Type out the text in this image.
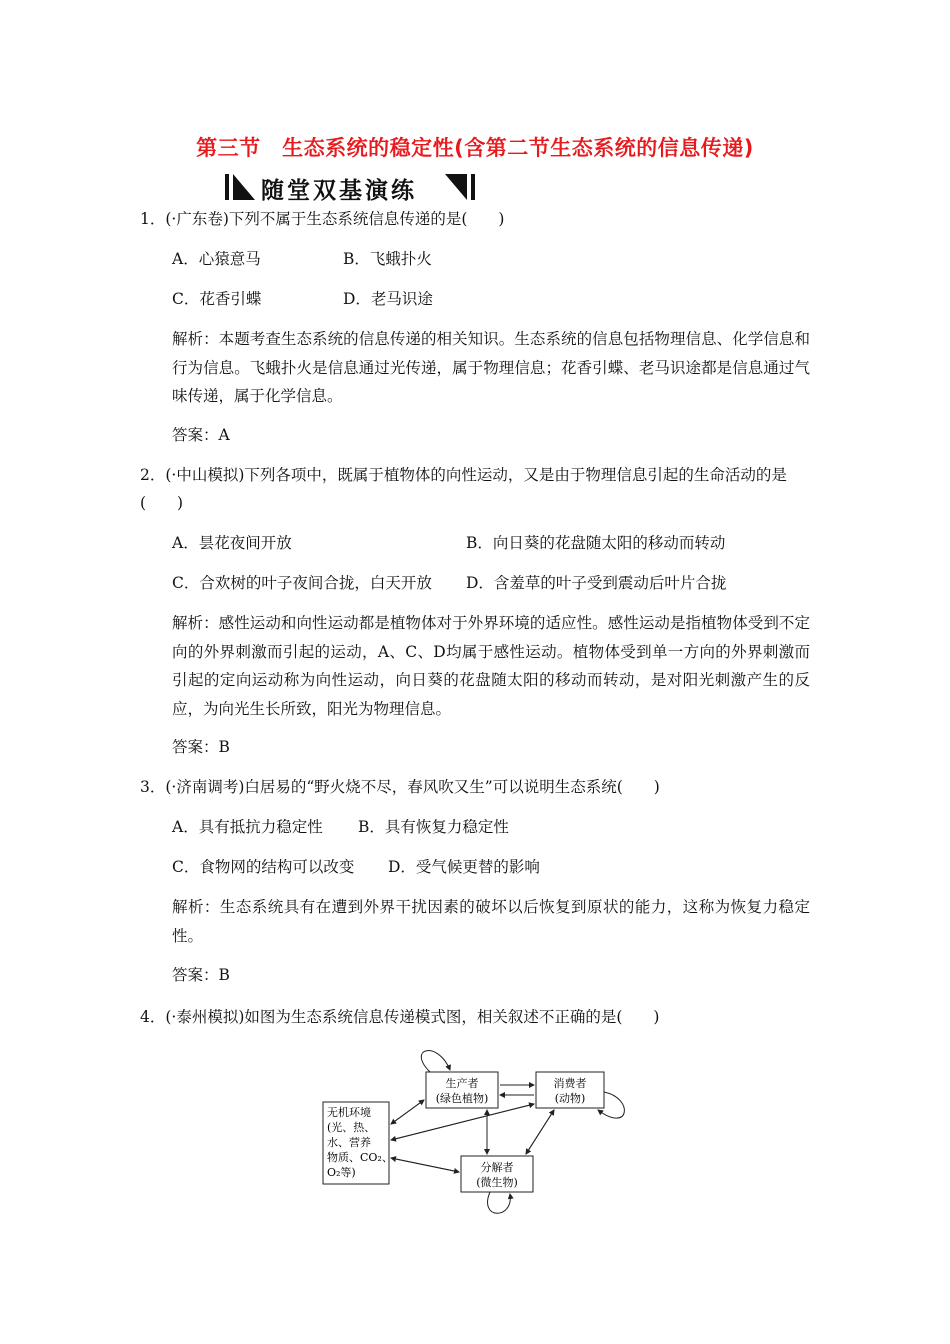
第三节　生态系统的稳定性(含第二节生态系统的信息传递)
随堂双基演练
1．(·广东卷)下列不属于生态系统信息传递的是(　　)
A．心猿意马	B．飞蛾扑火
C．花香引蝶	D．老马识途
解析：本题考查生态系统的信息传递的相关知识。生态系统的信息包括物理信息、化学信息和行为信息。飞蛾扑火是信息通过光传递，属于物理信息；花香引蝶、老马识途都是信息通过气味传递，属于化学信息。
答案：A
2．(·中山模拟)下列各项中，既属于植物体的向性运动，又是由于物理信息引起的生命活动的是(　　)
A．昙花夜间开放	B．向日葵的花盘随太阳的移动而转动
C．合欢树的叶子夜间合拢，白天开放 D．含羞草的叶子受到震动后叶片合拢
解析：感性运动和向性运动都是植物体对于外界环境的适应性。感性运动是指植物体受到不定向的外界刺激而引起的运动，A、C、D均属于感性运动。植物体受到单一方向的外界刺激而引起的定向运动称为向性运动，向日葵的花盘随太阳的移动而转动，是对阳光刺激产生的反应，为向光生长所致，阳光为物理信息。
答案：B
3．(·济南调考)白居易的“野火烧不尽，春风吹又生”可以说明生态系统(　　)
A．具有抵抗力稳定性 B．具有恢复力稳定性
C．食物网的结构可以改变 D．受气候更替的影响
解析：生态系统具有在遭到外界干扰因素的破坏以后恢复到原状的能力，这称为恢复力稳定性。
答案：B
4．(·泰州模拟)如图为生态系统信息传递模式图，相关叙述不正确的是(　　)
无机环境
(光、热、
水、营养
物质、CO₂、
O₂等)
生产者
(绿色植物)
消费者
(动物)
分解者
(微生物)
